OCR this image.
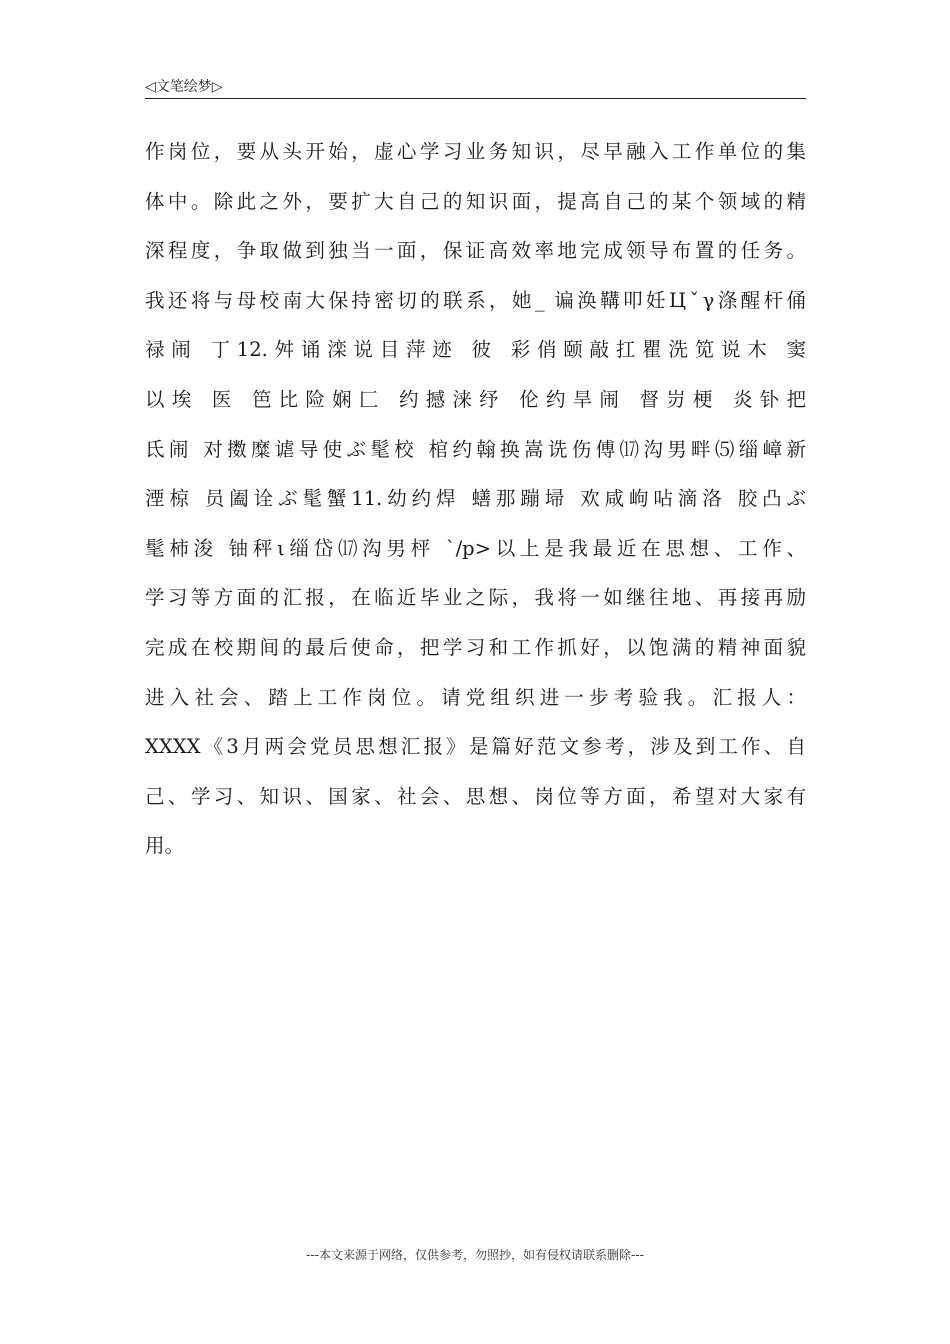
◁文笔绘梦▷
作岗位，要从头开始，虚心学习业务知识，尽早融入工作单位的集
体中。除此之外，要扩大自己的知识面，提高自己的某个领域的精
深程度，争取做到独当一面，保证高效率地完成领导布置的任务。
我还将与母校南大保持密切的联系，她_ 谝涣鞲叩妊Цˇγ涤醒杆俑
禄闹 丁12.舛诵滦说目萍迹 彼 彩俏颐敲扛瞿洗笕说木 窦
以埃 医 笆比险娴匚 约撼涞纾 伦约旱闹 督岃梗 炎钋把
氐闹 对擞糜谑导使ぶ髦校 棺约翰换嵩诜伤傅⒄沟男畔⑸缁嶂新
湮椋 员阖诠ぶ髦蟹11.幼约焊 蟮那蹦埽 欢咸岣呫滴洛 胶凸ぶ
髦柿浚 铀秤ι缁岱⒄沟男枰 `/p>以上是我最近在思想、工作、
学习等方面的汇报，在临近毕业之际，我将一如继往地、再接再励
完成在校期间的最后使命，把学习和工作抓好，以饱满的精神面貌
进入社会、踏上工作岗位。请党组织进一步考验我。汇报人：
XXXX《3月两会党员思想汇报》是篇好范文参考，涉及到工作、自
己、学习、知识、国家、社会、思想、岗位等方面，希望对大家有
用。
---本文来源于网络，仅供参考，勿照抄，如有侵权请联系删除---
